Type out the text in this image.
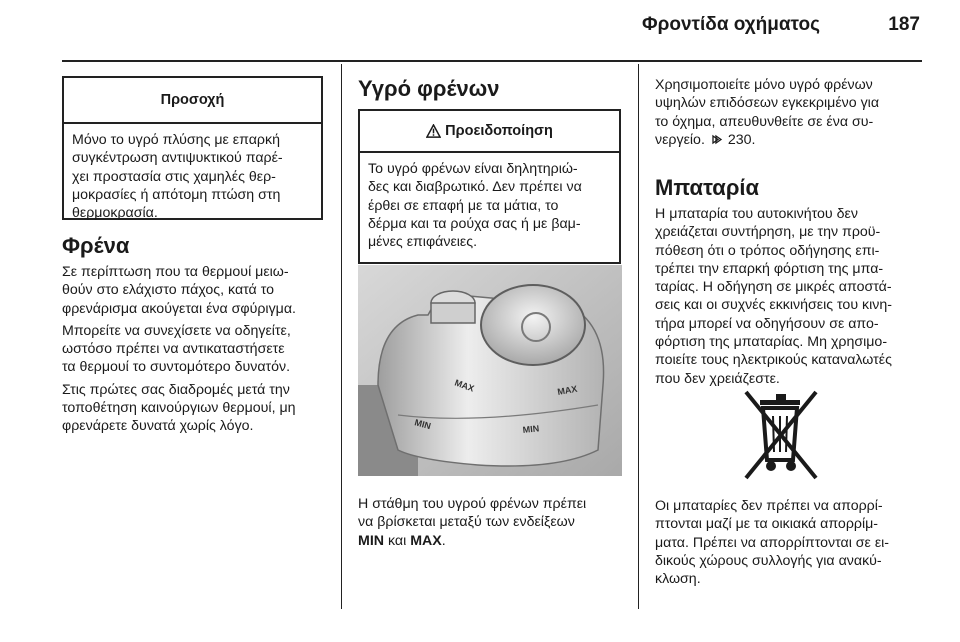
Φροντίδα οχήματος	187
Προσοχή
Μόνο το υγρό πλύσης με επαρκή
συγκέντρωση αντιψυκτικού παρέ-
χει προστασία στις χαμηλές θερ-
μοκρασίες ή απότομη πτώση στη
θερμοκρασία.
Φρένα

Σε περίπτωση που τα θερμουί μειω-
θούν στο ελάχιστο πάχος, κατά το
φρενάρισμα ακούγεται ένα σφύριγμα.

Μπορείτε να συνεχίσετε να οδηγείτε,
ωστόσο πρέπει να αντικαταστήσετε
τα θερμουί το συντομότερο δυνατόν.

Στις πρώτες σας διαδρομές μετά την
τοποθέτηση καινούργιων θερμουί, μη
φρενάρετε δυνατά χωρίς λόγο.

Υγρό φρένων
Προειδοποίηση
Το υγρό φρένων είναι δηλητηριώ-
δες και διαβρωτικό. Δεν πρέπει να
έρθει σε επαφή με τα μάτια, το
δέρμα και τα ρούχα σας ή με βαμ-
μένες επιφάνειες.
MAX
MIN
MAX
MIN
Η στάθμη του υγρού φρένων πρέπει
να βρίσκεται μεταξύ των ενδείξεων
MIN και MAX.
Χρησιμοποιείτε μόνο υγρό φρένων
υψηλών επιδόσεων εγκεκριμένο για
το όχημα, απευθυνθείτε σε ένα συ-
νεργείο. 230.
Μπαταρία
Η μπαταρία του αυτοκινήτου δεν
χρειάζεται συντήρηση, με την προϋ-
πόθεση ότι ο τρόπος οδήγησης επι-
τρέπει την επαρκή φόρτιση της μπα-
ταρίας. Η οδήγηση σε μικρές αποστά-
σεις και οι συχνές εκκινήσεις του κινη-
τήρα μπορεί να οδηγήσουν σε απο-
φόρτιση της μπαταρίας. Μη χρησιμο-
ποιείτε τους ηλεκτρικούς καταναλωτές
που δεν χρειάζεστε.
Οι μπαταρίες δεν πρέπει να απορρί-
πτονται μαζί με τα οικιακά απορρίμ-
ματα. Πρέπει να απορρίπτονται σε ει-
δικούς χώρους συλλογής για ανακύ-
κλωση.
